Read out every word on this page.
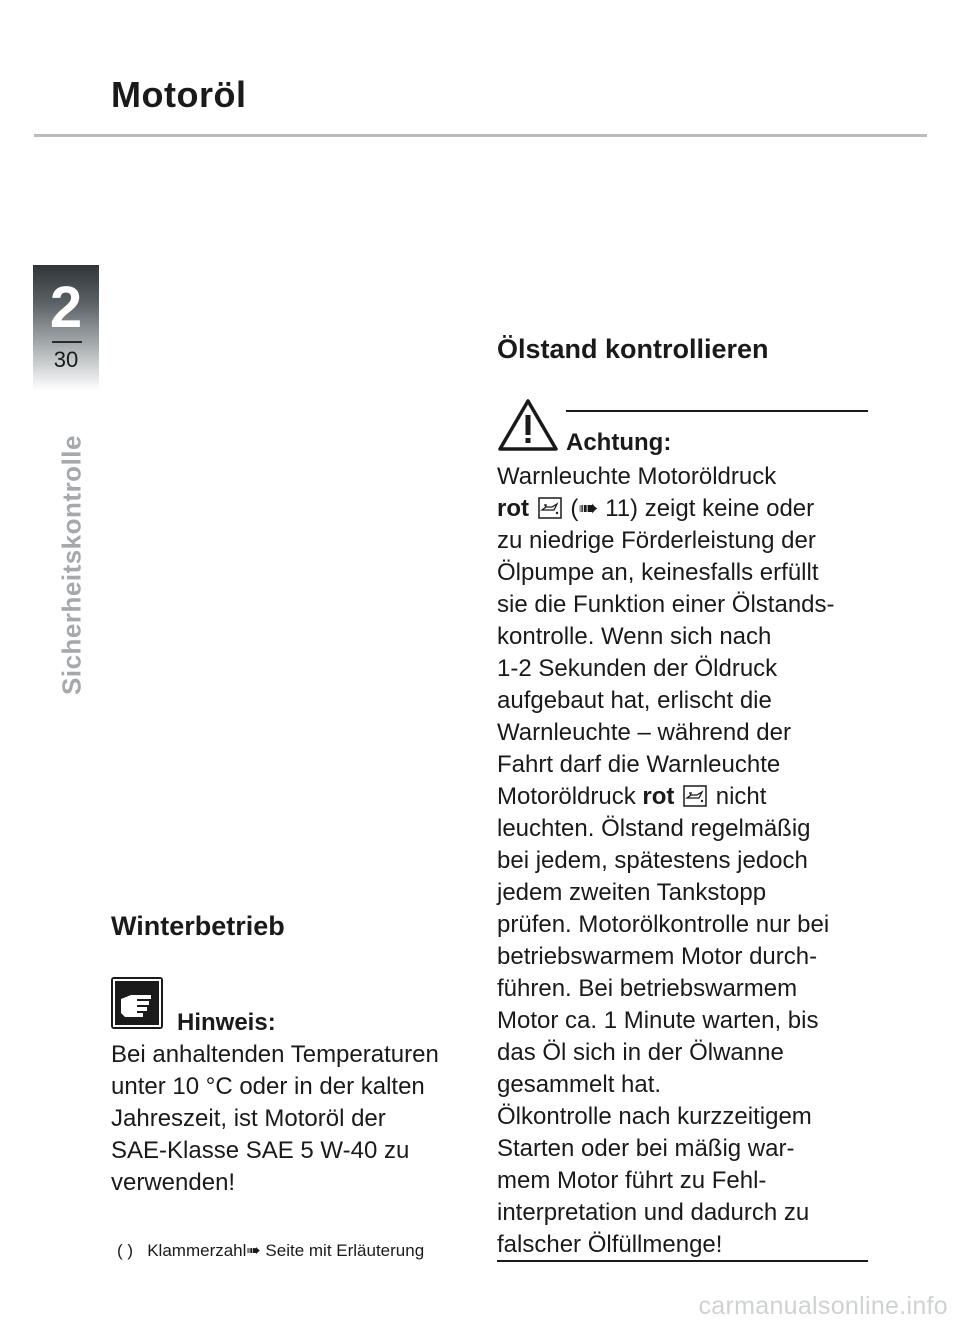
Motoröl
2
30
Sicherheitskontrolle
Winterbetrieb
Hinweis:

Bei anhaltenden Temperaturen
unter 10 °C oder in der kalten
Jahreszeit, ist Motoröl der
SAE-Klasse SAE 5 W-40 zu
verwenden!

( ) Klammerzahl➠ Seite mit Erläuterung
Ölstand kontrollieren
Achtung:

Warnleuchte Motoröldruck
rot (➠ 11) zeigt keine oder
zu niedrige Förderleistung der
Ölpumpe an, keinesfalls erfüllt
sie die Funktion einer Ölstands-
kontrolle. Wenn sich nach
1-2 Sekunden der Öldruck
aufgebaut hat, erlischt die
Warnleuchte – während der
Fahrt darf die Warnleuchte
Motoröldruck rot nicht
leuchten. Ölstand regelmäßig
bei jedem, spätestens jedoch
jedem zweiten Tankstopp
prüfen. Motorölkontrolle nur bei
betriebswarmem Motor durch-
führen. Bei betriebswarmem
Motor ca. 1 Minute warten, bis
das Öl sich in der Ölwanne
gesammelt hat.
Ölkontrolle nach kurzzeitigem
Starten oder bei mäßig war-
mem Motor führt zu Fehl-
interpretation und dadurch zu
falscher Ölfüllmenge!

carmanualsonline.info
